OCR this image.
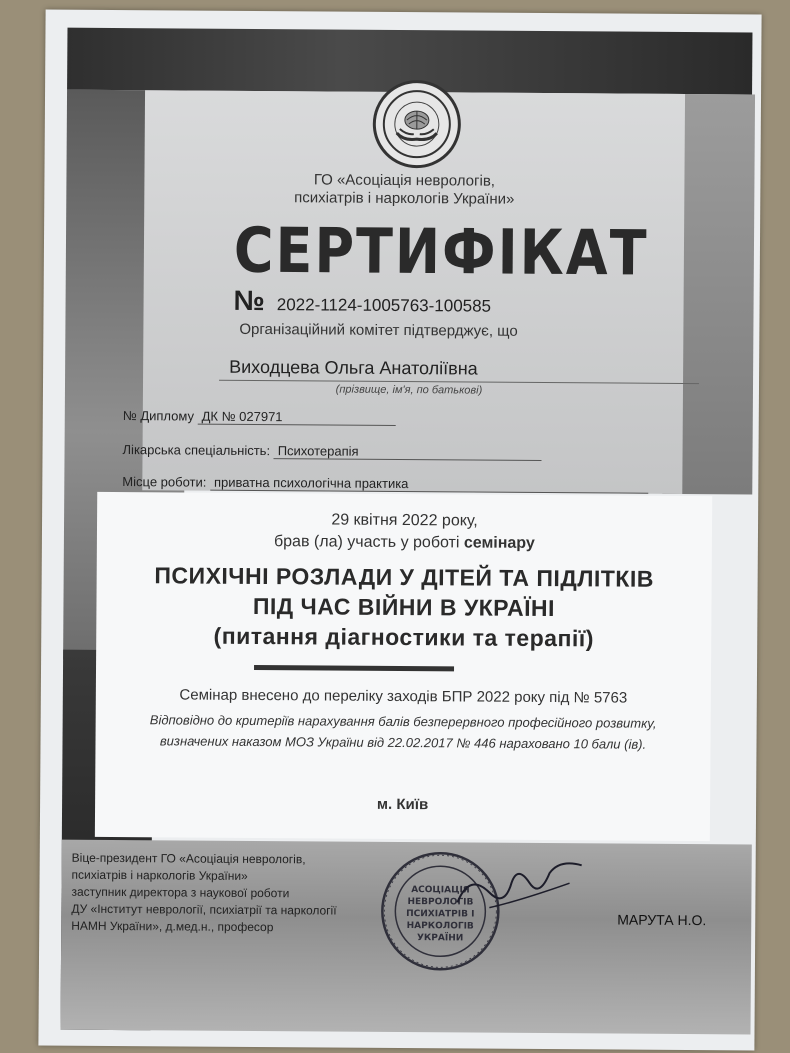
ГО «Асоціація неврологів,
психіатрів і наркологів України»
СЕРТИФІКАТ
№ 2022-1124-1005763-100585
Організаційний комітет підтверджує, що
Виходцева Ольга Анатоліївна
(прізвище, ім'я, по батькові)
№ Диплому ДК № 027971
Лікарська спеціальність: Психотерапія
Місце роботи: приватна психологічна практика
29 квітня 2022 року,
брав (ла) участь у роботі семінару
ПСИХІЧНІ РОЗЛАДИ У ДІТЕЙ ТА ПІДЛІТКІВ
ПІД ЧАС ВІЙНИ В УКРАЇНІ
(питання діагностики та терапії)
Семінар внесено до переліку заходів БПР 2022 року під № 5763
Відповідно до критеріїв нарахування балів безперервного професійного розвитку,
визначених наказом МОЗ України від 22.02.2017 № 446 нараховано 10 бали (ів).
м. Київ
Віце-президент ГО «Асоціація неврологів,
психіатрів і наркологів України»
заступник директора з наукової роботи
ДУ «Інститут неврології, психіатрії та наркології
НАМН України», д.мед.н., професор
АСОЦІАЦІЯ
НЕВРОЛОГІВ
ПСИХІАТРІВ І
НАРКОЛОГІВ
УКРАЇНИ
МАРУТА Н.О.
